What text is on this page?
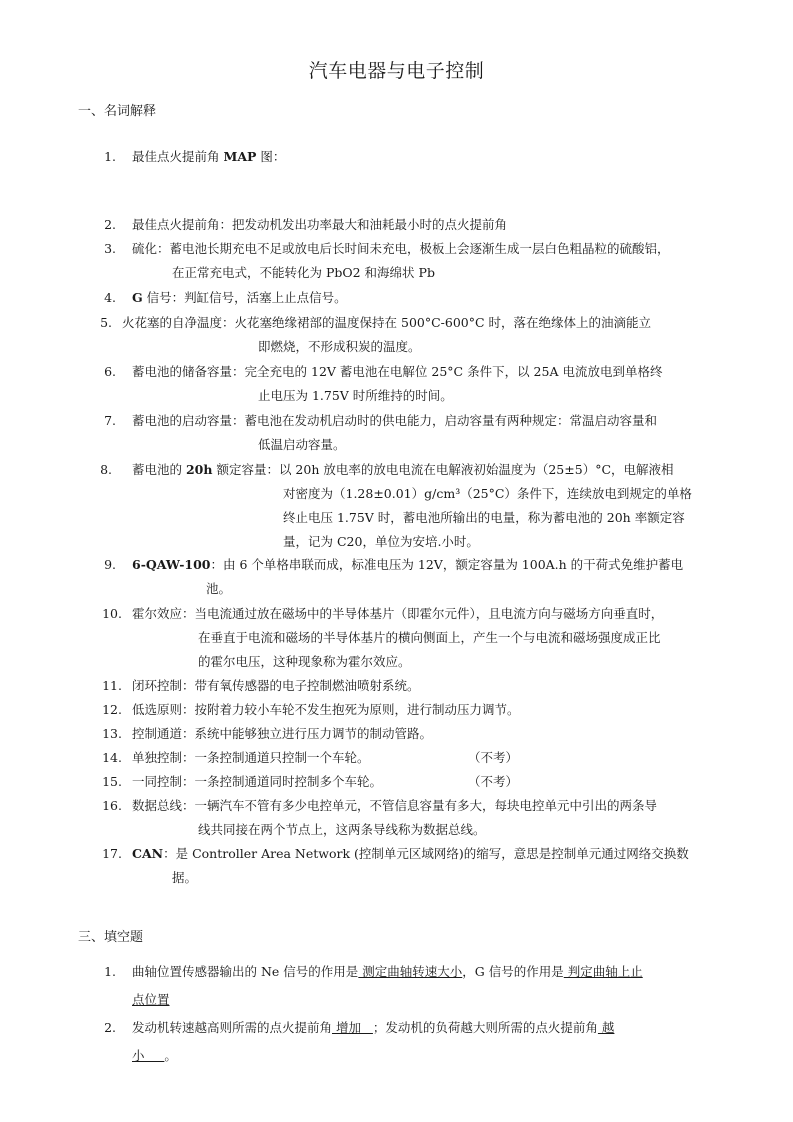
汽车电器与电子控制
一、名词解释
1. 最佳点火提前角 MAP 图：
2. 最佳点火提前角：把发动机发出功率最大和油耗最小时的点火提前角
3. 硫化：蓄电池长期充电不足或放电后长时间未充电，极板上会逐渐生成一层白色粗晶粒的硫酸铝，
在正常充电式，不能转化为 PbO2 和海绵状 Pb
4. G 信号：判缸信号，活塞上止点信号。
5. 火花塞的自净温度：火花塞绝缘裙部的温度保持在 500°C-600°C 时，落在绝缘体上的油滴能立
即燃烧，不形成积炭的温度。
6. 蓄电池的储备容量：完全充电的 12V 蓄电池在电解位 25°C 条件下，以 25A 电流放电到单格终
止电压为 1.75V 时所维持的时间。
7. 蓄电池的启动容量：蓄电池在发动机启动时的供电能力，启动容量有两种规定：常温启动容量和
低温启动容量。
8. 蓄电池的 20h 额定容量：以 20h 放电率的放电电流在电解液初始温度为（25±5）°C，电解液相
对密度为（1.28±0.01）g/cm³（25°C）条件下，连续放电到规定的单格
终止电压 1.75V 时，蓄电池所输出的电量，称为蓄电池的 20h 率额定容
量，记为 C20，单位为安培.小时。
9. 6-QAW-100：由 6 个单格串联而成，标准电压为 12V，额定容量为 100A.h 的干荷式免维护蓄电
池。
10. 霍尔效应：当电流通过放在磁场中的半导体基片（即霍尔元件），且电流方向与磁场方向垂直时，
在垂直于电流和磁场的半导体基片的横向侧面上，产生一个与电流和磁场强度成正比
的霍尔电压，这种现象称为霍尔效应。
11. 闭环控制：带有氧传感器的电子控制燃油喷射系统。
12. 低选原则：按附着力较小车轮不发生抱死为原则，进行制动压力调节。
13. 控制通道：系统中能够独立进行压力调节的制动管路。
14. 单独控制：一条控制通道只控制一个车轮。	（不考）
15. 一同控制：一条控制通道同时控制多个车轮。	（不考）
16. 数据总线：一辆汽车不管有多少电控单元，不管信息容量有多大，每块电控单元中引出的两条导
线共同接在两个节点上，这两条导线称为数据总线。
17. CAN：是 Controller Area Network (控制单元区域网络)的缩写，意思是控制单元通过网络交换数
据。
三、填空题
1. 曲轴位置传感器输出的 Ne 信号的作用是 测定曲轴转速大小，G 信号的作用是 判定曲轴上止
点位置
2. 发动机转速越高则所需的点火提前角 增加   ；发动机的负荷越大则所需的点火提前角 越
小     。
